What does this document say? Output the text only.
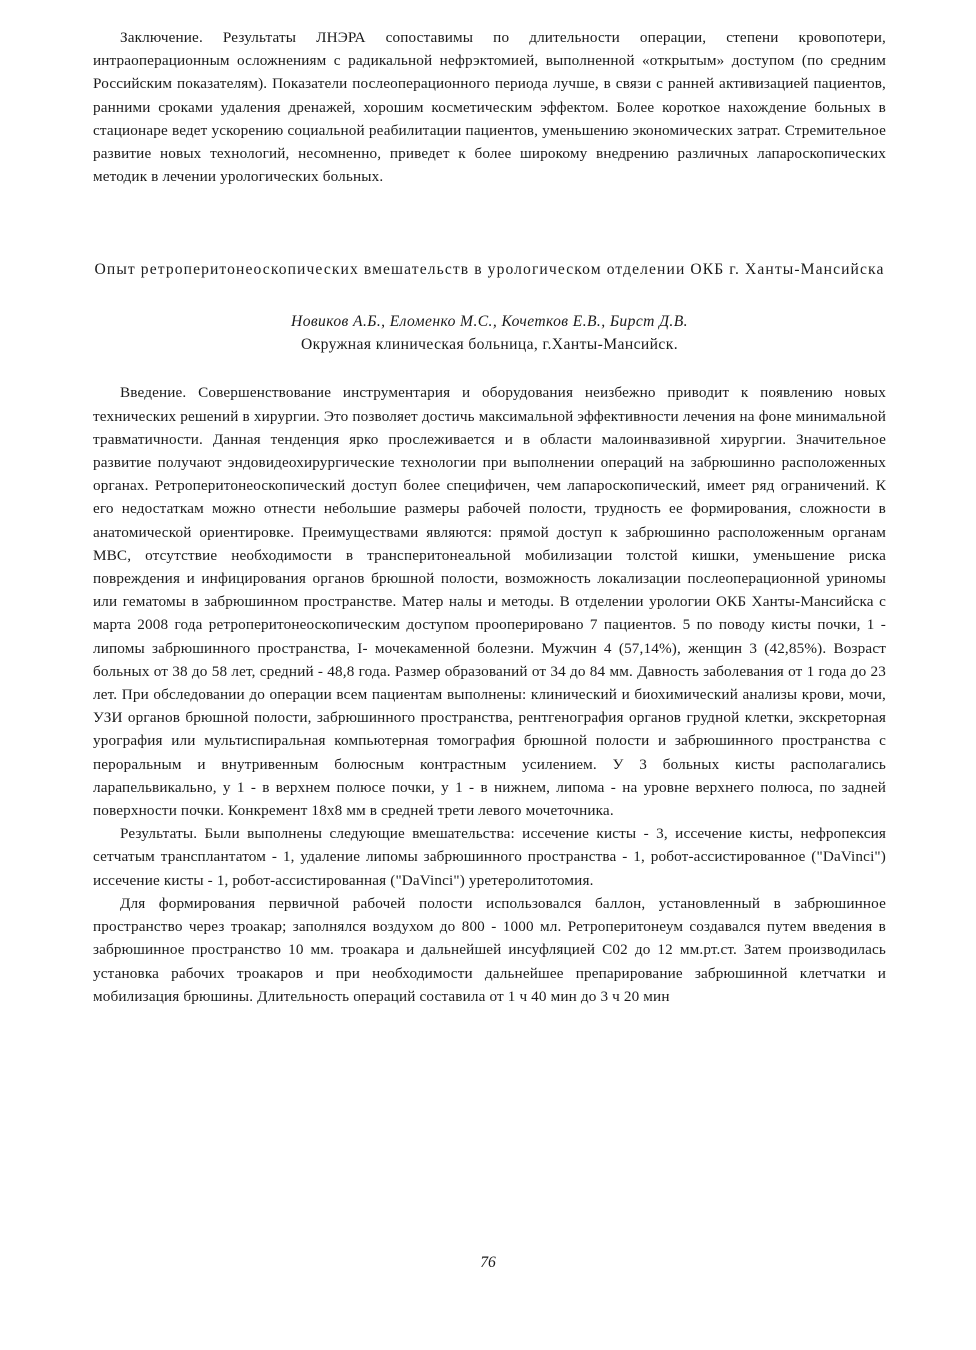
Заключение. Результаты ЛНЭРА сопоставимы по длительности операции, степени кровопотери, интраоперационным осложнениям с радикальной нефрэктомией, выполненной «открытым» доступом (по средним Российским показателям). Показатели послеоперационного периода лучше, в связи с ранней активизацией пациентов, ранними сроками удаления дренажей, хорошим косметическим эффектом. Более короткое нахождение больных в стационаре ведет ускорению социальной реабилитации пациентов, уменьшению экономических затрат. Стремительное развитие новых технологий, несомненно, приведет к более широкому внедрению различных лапароскопических методик в лечении урологических больных.

Опыт ретроперитонеоскопических вмешательств в урологическом отделении ОКБ г. Ханты-Мансийска

Новиков А.Б., Еломенко М.С., Кочетков Е.В., Бирст Д.В.

Окружная клиническая больница, г.Ханты-Мансийск.

Введение. Совершенствование инструментария и оборудования неизбежно приводит к появлению новых технических решений в хирургии. Это позволяет достичь максимальной эффективности лечения на фоне минимальной травматичности. Данная тенденция ярко прослеживается и в области малоинвазивной хирургии. Значительное развитие получают эндовидеохирургические технологии при выполнении операций на забрюшинно расположенных органах. Ретроперитонеоскопический доступ более специфичен, чем лапароскопический, имеет ряд ограничений. К его недостаткам можно отнести небольшие размеры рабочей полости, трудность ее формирования, сложности в анатомической ориентировке. Преимуществами являются: прямой доступ к забрюшинно расположенным органам МВС, отсутствие необходимости в трансперитонеальной мобилизации толстой кишки, уменьшение риска повреждения и инфицирования органов брюшной полости, возможность локализации послеоперационной уриномы или гематомы в забрюшинном пространстве. Матер налы и методы. В отделении урологии ОКБ Ханты-Мансийска с марта 2008 года ретроперитонеоскопическим доступом прооперировано 7 пациентов. 5 по поводу кисты почки, 1 - липомы забрюшинного пространства, I- мочекаменной болезни. Мужчин 4 (57,14%), женщин 3 (42,85%). Возраст больных от 38 до 58 лет, средний - 48,8 года. Размер образований от 34 до 84 мм. Давность заболевания от 1 года до 23 лет. При обследовании до операции всем пациентам выполнены: клинический и биохимический анализы крови, мочи, УЗИ органов брюшной полости, забрюшинного пространства, рентгенография органов грудной клетки, экскреторная урография или мультиспиральная компьютерная томография брюшной полости и забрюшинного пространства с пероральным и внутривенным болюсным контрастным усилением. У 3 больных кисты располагались ларапельвикально, у 1 - в верхнем полюсе почки, у 1 - в нижнем, липома - на уровне верхнего полюса, по задней поверхности почки. Конкремент 18х8 мм в средней трети левого мочеточника.

Результаты. Были выполнены следующие вмешательства: иссечение кисты - 3, иссечение кисты, нефропексия сетчатым трансплантатом - 1, удаление липомы забрюшинного пространства - 1, робот-ассистированное ("DaVinci") иссечение кисты - 1, робот-ассистированная ("DaVinci") уретеролитотомия.

Для формирования первичной рабочей полости использовался баллон, установленный в забрюшинное пространство через троакар; заполнялся воздухом до 800 - 1000 мл. Ретроперитонеум создавался путем введения в забрюшинное пространство 10 мм. троакара и дальнейшей инсуфляцией С02 до 12 мм.рт.ст. Затем производилась установка рабочих троакаров и при необходимости дальнейшее препарирование забрюшинной клетчатки и мобилизация брюшины. Длительность операций составила от 1 ч 40 мин до 3 ч 20 мин

76
